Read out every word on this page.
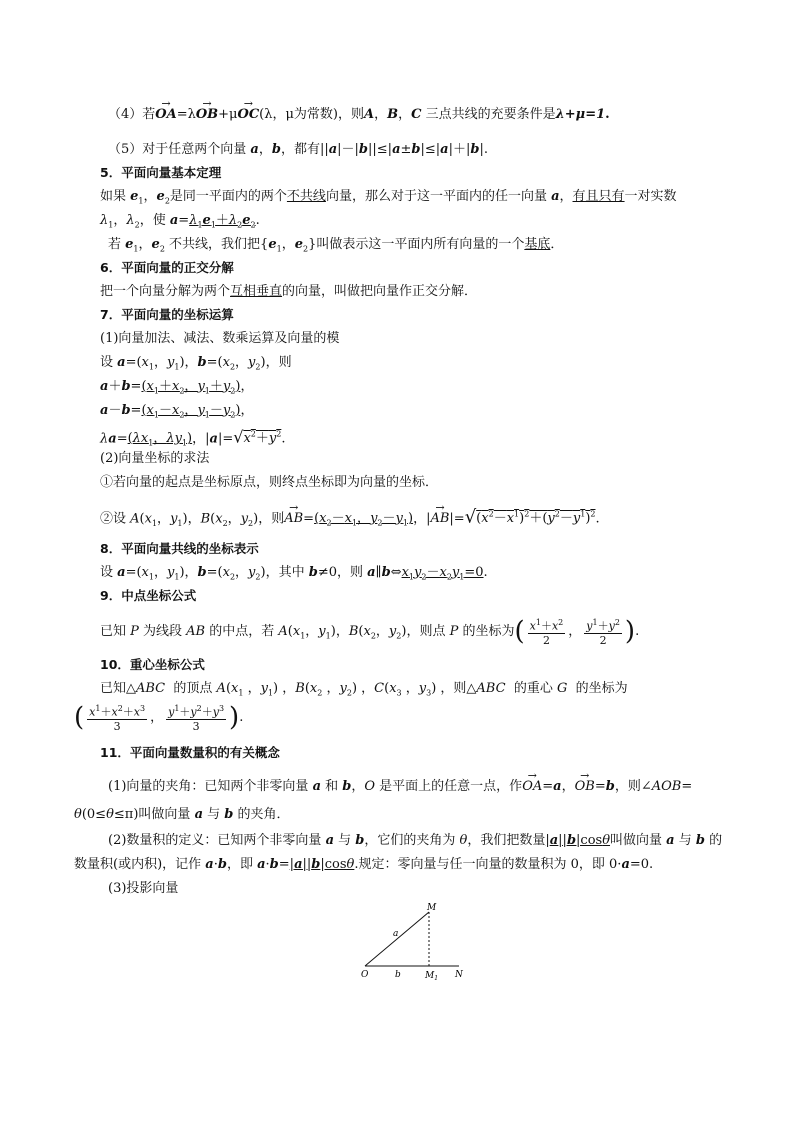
（4）若→ OA=λ→ OB+μ→ OC(λ，μ为常数)，则A，B，C 三点共线的充要条件是λ+μ=1.
（5）对于任意两个向量 a，b，都有||a|－|b||≤|a±b|≤|a|＋|b|.
5．平面向量基本定理
如果 $e_1$，$e_2$是同一平面内的两个不共线向量，那么对于这一平面内的任一向量 a，有且只有一对实数
$\lambda_1$，$\lambda_2$，使 $a=\lambda_1e_1+\lambda_2e_2$.
若 $e_1$，$e_2$ 不共线，我们把{$e_1$，$e_2$}叫做表示这一平面内所有向量的一个基底．
6．平面向量的正交分解
把一个向量分解为两个互相垂直的向量，叫做把向量作正交分解．
7．平面向量的坐标运算
(1)向量加法、减法、数乘运算及向量的模
设 $a=(x_1$，$y_1$)，$b=(x_2$，$y_2$)，则
$a+b=(x_1+x_2$，$y_1+y_2$)，
$a-b=(x_1-x_2$，$y_1-y_2$)，
$\lambda a=(\lambda x_1$，$\lambda y_1$)，$|a|=√x^2+y^2$.
(2)向量坐标的求法
①若向量的起点是坐标原点，则终点坐标即为向量的坐标．
②设 $A(x_1$，$y_1$)，$B(x_2$，$y_2$)，则→ $AB=(x_2-x_1$，$y_2-y_1$)，|→ $AB|=√(x^2-x^1)^2+(y^2-y^1)^2$.
8．平面向量共线的坐标表示
设 $a=(x_1$，$y_1$)，$b=(x_2$，$y_2$)，其中 b≠0，则 $a\parallel b\Leftrightarrow x_1y_2-x_2y_1=0$.
9．中点坐标公式
已知 P 为线段 AB 的中点，若 $A(x_1$，$y_1$)，$B(x_2$，$y_2$)，则点 P 的坐标为( $\frac{x^1+x^2}{2}$ ， $\frac{y^1+y^2}{2}$ ).
10．重心坐标公式
已知△ABC  的顶点 $A(x_1$ ，$y_1$) ，$B(x_2$ ，$y_2$) ，$C(x_3$ ，$y_3$) ，则△ABC  的重心 G  的坐标为
( $\frac{x^1+x^2+x^3}{3}$ ， $\frac{y^1+y^2+y^3}{3}$ ).
11．平面向量数量积的有关概念
(1)向量的夹角：已知两个非零向量 a 和 b，O 是平面上的任意一点，作→ OA=a，→ OB=b，则∠AOB=
θ(0≤θ≤π)叫做向量 a 与 b 的夹角．
(2)数量积的定义：已知两个非零向量 a 与 b，它们的夹角为 θ，我们把数量|a||b|cosθ叫做向量 a 与 b 的
数量积(或内积)，记作 a·b，即 a·b=|a||b|cosθ.规定：零向量与任一向量的数量积为 0，即 0·a=0.
(3)投影向量
M
a
O	b	$M_1$ N
